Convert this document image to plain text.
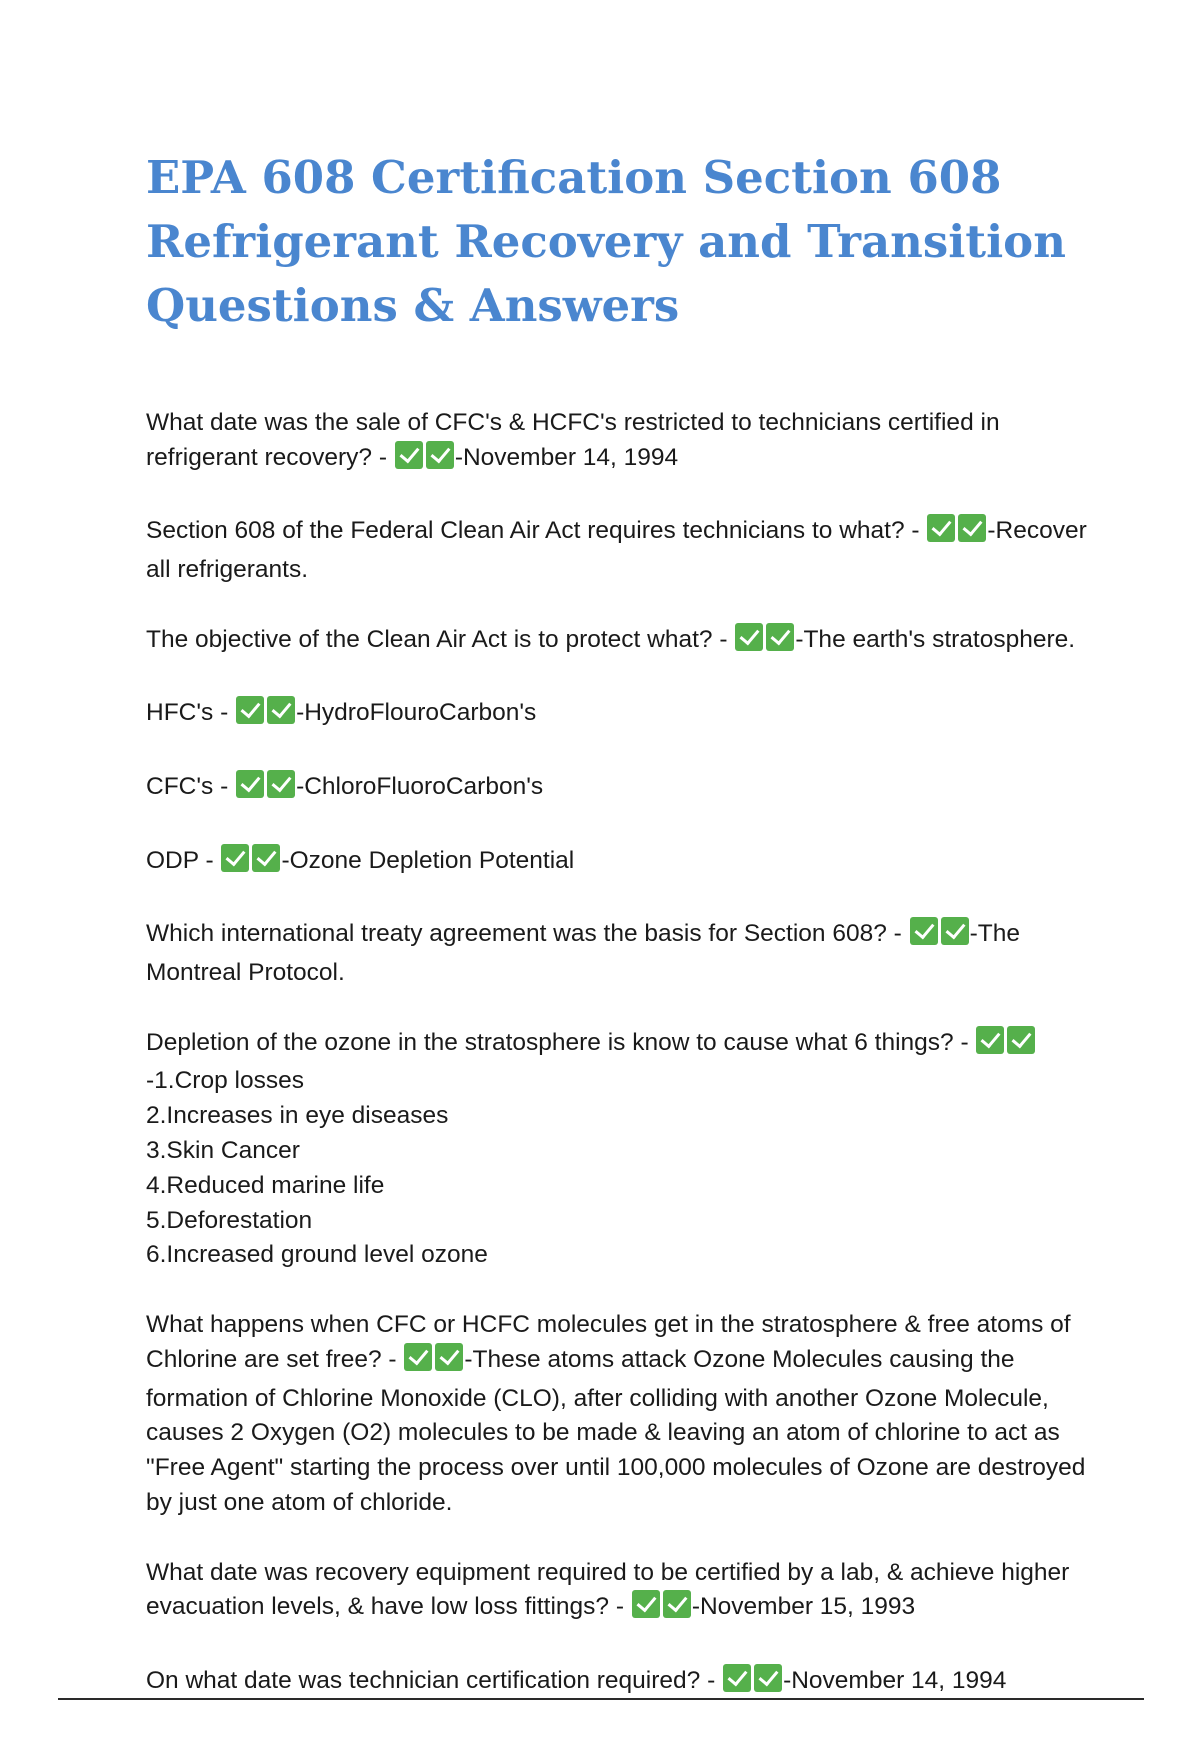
EPA 608 Certification Section 608
Refrigerant Recovery and Transition
Questions & Answers

What date was the sale of CFC's & HCFC's restricted to technicians certified in refrigerant recovery? - -November 14, 1994

Section 608 of the Federal Clean Air Act requires technicians to what? - -Recover all refrigerants.

The objective of the Clean Air Act is to protect what? - -The earth's stratosphere.

HFC's - -HydroFlouroCarbon's

CFC's - -ChloroFluoroCarbon's

ODP - -Ozone Depletion Potential

Which international treaty agreement was the basis for Section 608? - -The Montreal Protocol.

Depletion of the ozone in the stratosphere is know to cause what 6 things? - -1.Crop losses
2.Increases in eye diseases
3.Skin Cancer
4.Reduced marine life
5.Deforestation
6.Increased ground level ozone

What happens when CFC or HCFC molecules get in the stratosphere & free atoms of Chlorine are set free? - -These atoms attack Ozone Molecules causing the formation of Chlorine Monoxide (CLO), after colliding with another Ozone Molecule, causes 2 Oxygen (O2) molecules to be made & leaving an atom of chlorine to act as "Free Agent" starting the process over until 100,000 molecules of Ozone are destroyed by just one atom of chloride.

What date was recovery equipment required to be certified by a lab, & achieve higher evacuation levels, & have low loss fittings? - -November 15, 1993

On what date was technician certification required? - -November 14, 1994
